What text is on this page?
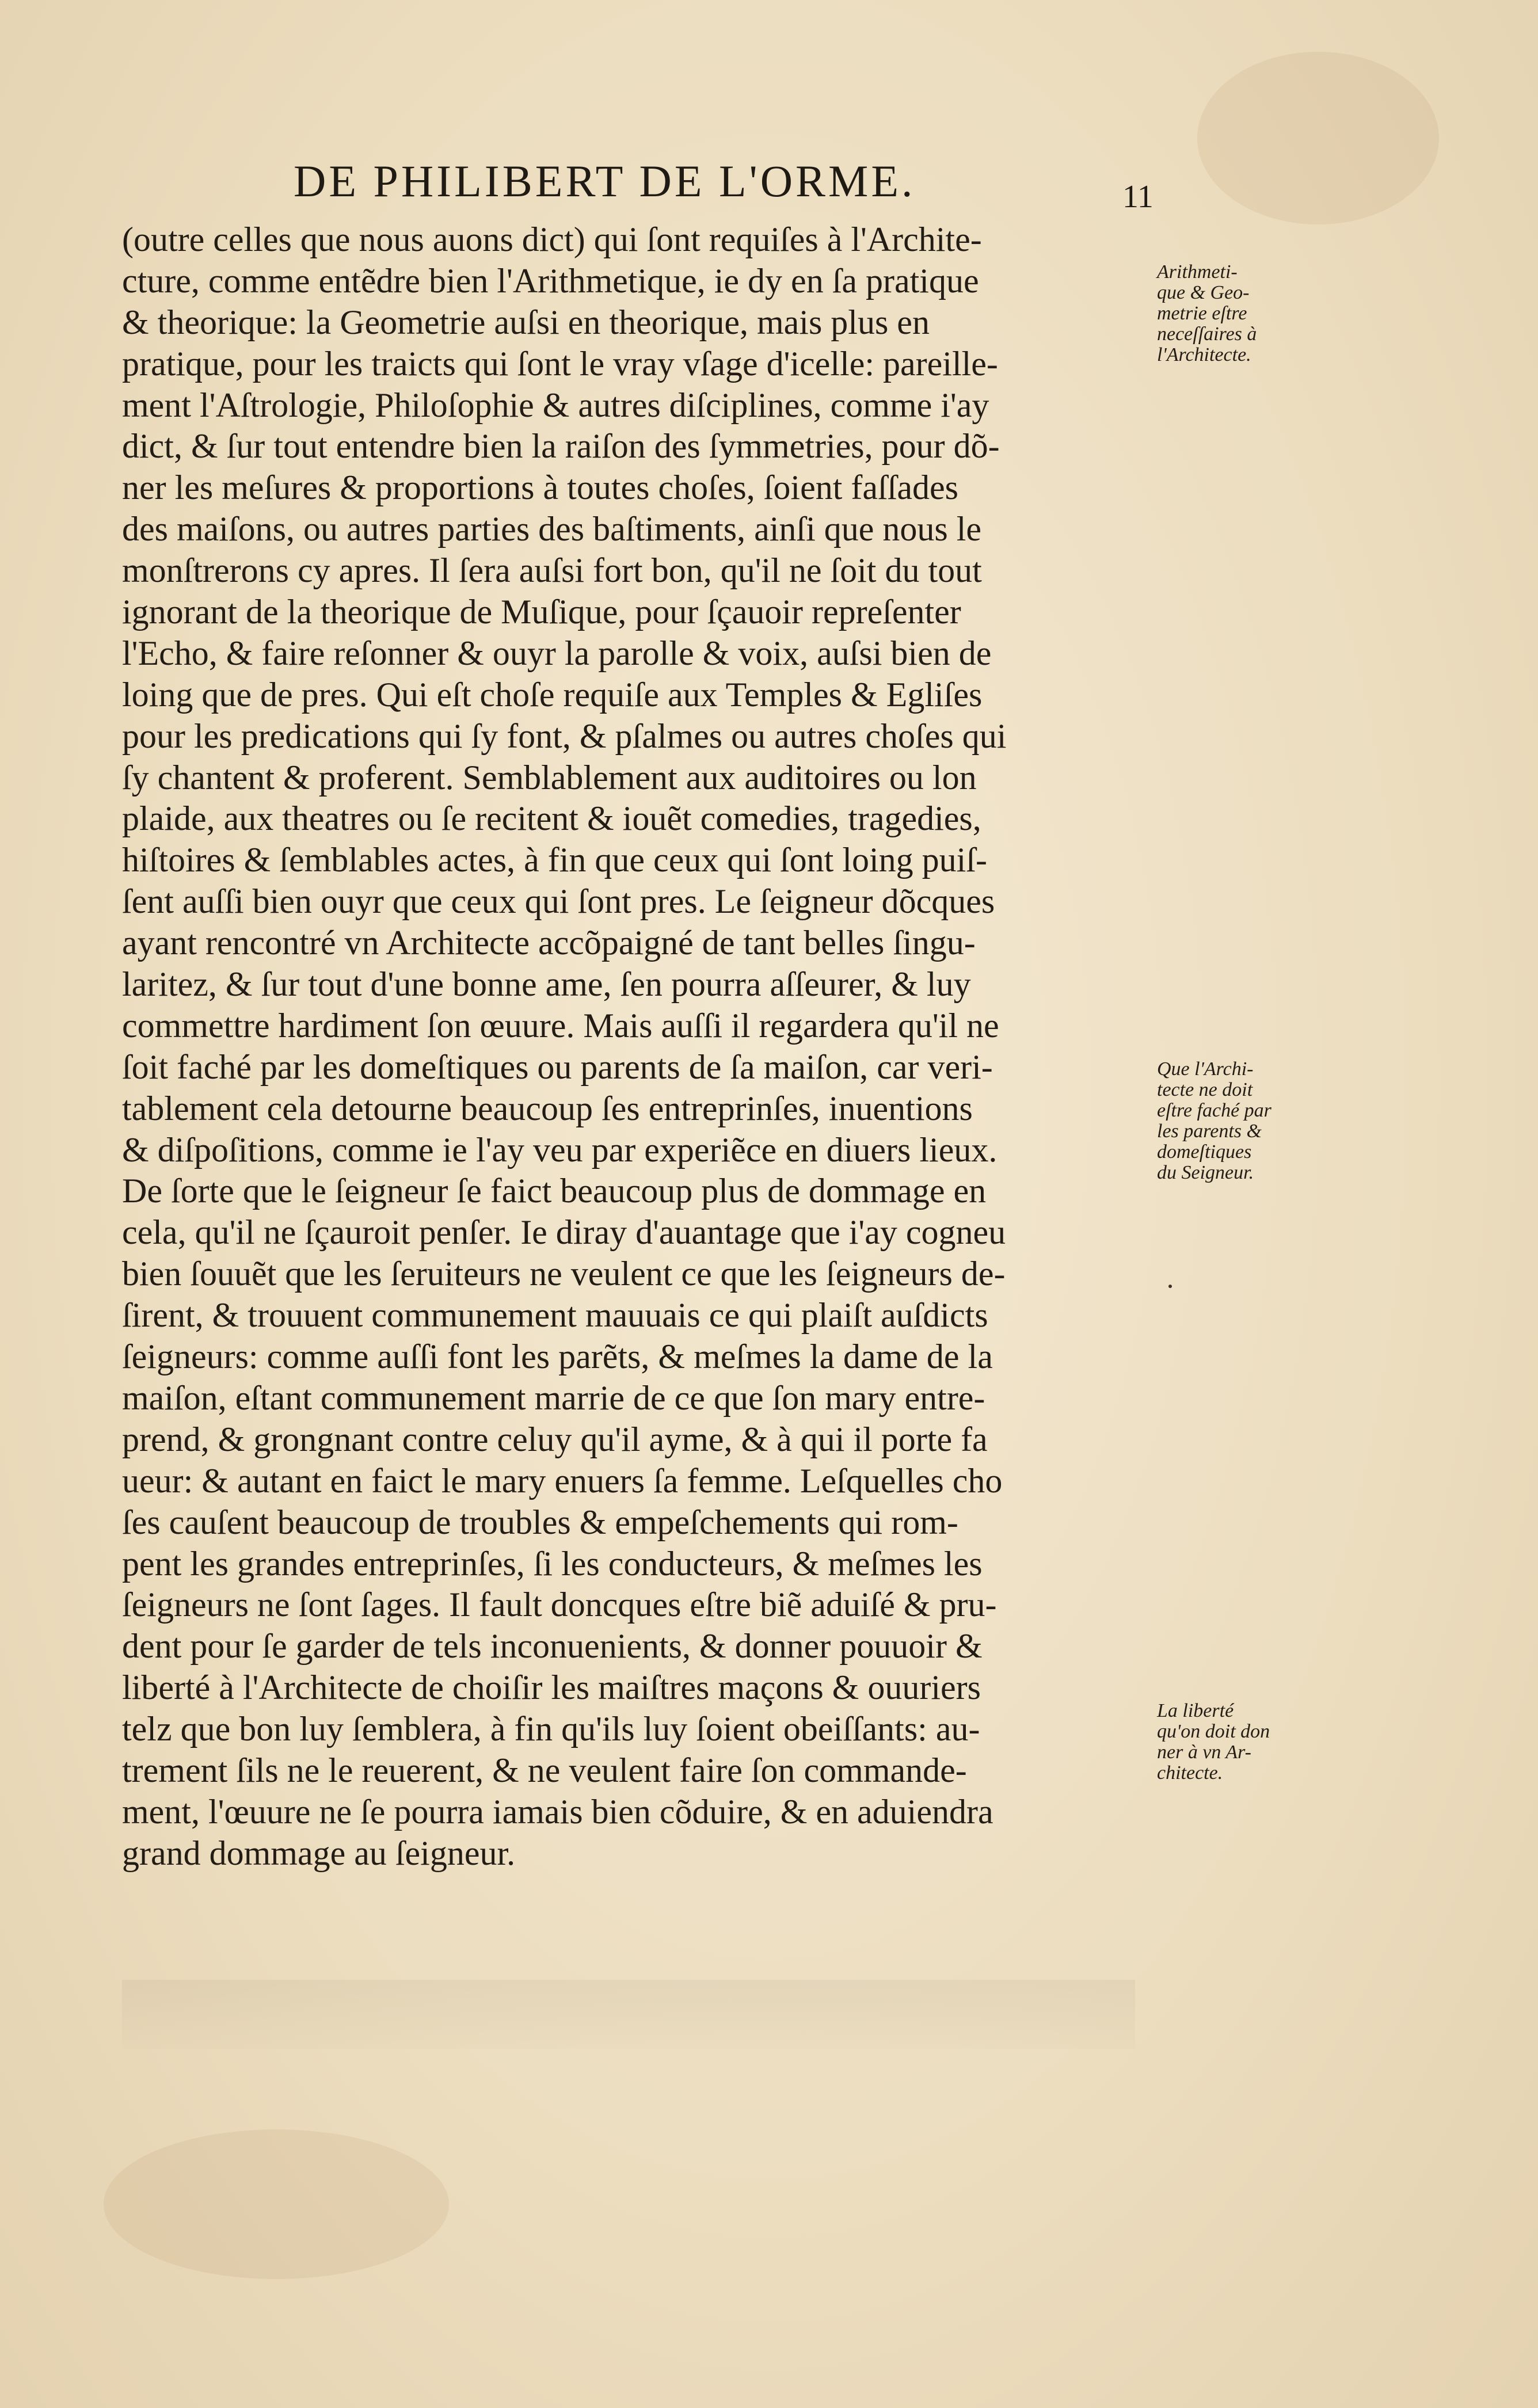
DE PHILIBERT DE L'ORME.	11
(outre celles que nous auons dict) qui ſont requiſes à l'Archite-
cture, comme entẽdre bien l'Arithmetique, ie dy en ſa pratique
& theorique: la Geometrie auſsi en theorique, mais plus en
pratique, pour les traicts qui ſont le vray vſage d'icelle: pareille-
ment l'Aſtrologie, Philoſophie & autres diſciplines, comme i'ay
dict, & ſur tout entendre bien la raiſon des ſymmetries, pour dõ-
ner les meſures & proportions à toutes choſes, ſoient faſſades
des maiſons, ou autres parties des baſtiments, ainſi que nous le
monſtrerons cy apres. Il ſera auſsi fort bon, qu'il ne ſoit du tout
ignorant de la theorique de Muſique, pour ſçauoir repreſenter
l'Echo, & faire reſonner & ouyr la parolle & voix, auſsi bien de
loing que de pres. Qui eſt choſe requiſe aux Temples & Egliſes
pour les predications qui ſy font, & pſalmes ou autres choſes qui
ſy chantent & proferent. Semblablement aux auditoires ou lon
plaide, aux theatres ou ſe recitent & iouẽt comedies, tragedies,
hiſtoires & ſemblables actes, à fin que ceux qui ſont loing puiſ-
ſent auſſi bien ouyr que ceux qui ſont pres. Le ſeigneur dõcques
ayant rencontré vn Architecte accõpaigné de tant belles ſingu-
laritez, & ſur tout d'une bonne ame, ſen pourra aſſeurer, & luy
commettre hardiment ſon œuure. Mais auſſi il regardera qu'il ne
ſoit faché par les domeſtiques ou parents de ſa maiſon, car veri-
tablement cela detourne beaucoup ſes entreprinſes, inuentions
& diſpoſitions, comme ie l'ay veu par experiẽce en diuers lieux.
De ſorte que le ſeigneur ſe faict beaucoup plus de dommage en
cela, qu'il ne ſçauroit penſer. Ie diray d'auantage que i'ay cogneu
bien ſouuẽt que les ſeruiteurs ne veulent ce que les ſeigneurs de-
ſirent, & trouuent communement mauuais ce qui plaiſt auſdicts
ſeigneurs: comme auſſi font les parẽts, & meſmes la dame de la
maiſon, eſtant communement marrie de ce que ſon mary entre-
prend, & grongnant contre celuy qu'il ayme, & à qui il porte fa
ueur: & autant en faict le mary enuers ſa femme. Leſquelles cho
ſes cauſent beaucoup de troubles & empeſchements qui rom-
pent les grandes entreprinſes, ſi les conducteurs, & meſmes les
ſeigneurs ne ſont ſages. Il fault doncques eſtre biẽ aduiſé & pru-
dent pour ſe garder de tels inconuenients, & donner pouuoir &
liberté à l'Architecte de choiſir les maiſtres maçons & ouuriers
telz que bon luy ſemblera, à fin qu'ils luy ſoient obeiſſants: au-
trement ſils ne le reuerent, & ne veulent faire ſon commande-
ment, l'œuure ne ſe pourra iamais bien cõduire, & en aduiendra
grand dommage au ſeigneur.
Arithmeti-
que & Geo-
metrie eſtre
neceſſaires à
l'Architecte.
Que l'Archi-
tecte ne doit
eſtre faché par
les parents &
domeſtiques
du Seigneur.
La liberté
qu'on doit don
ner à vn Ar-
chitecte.
